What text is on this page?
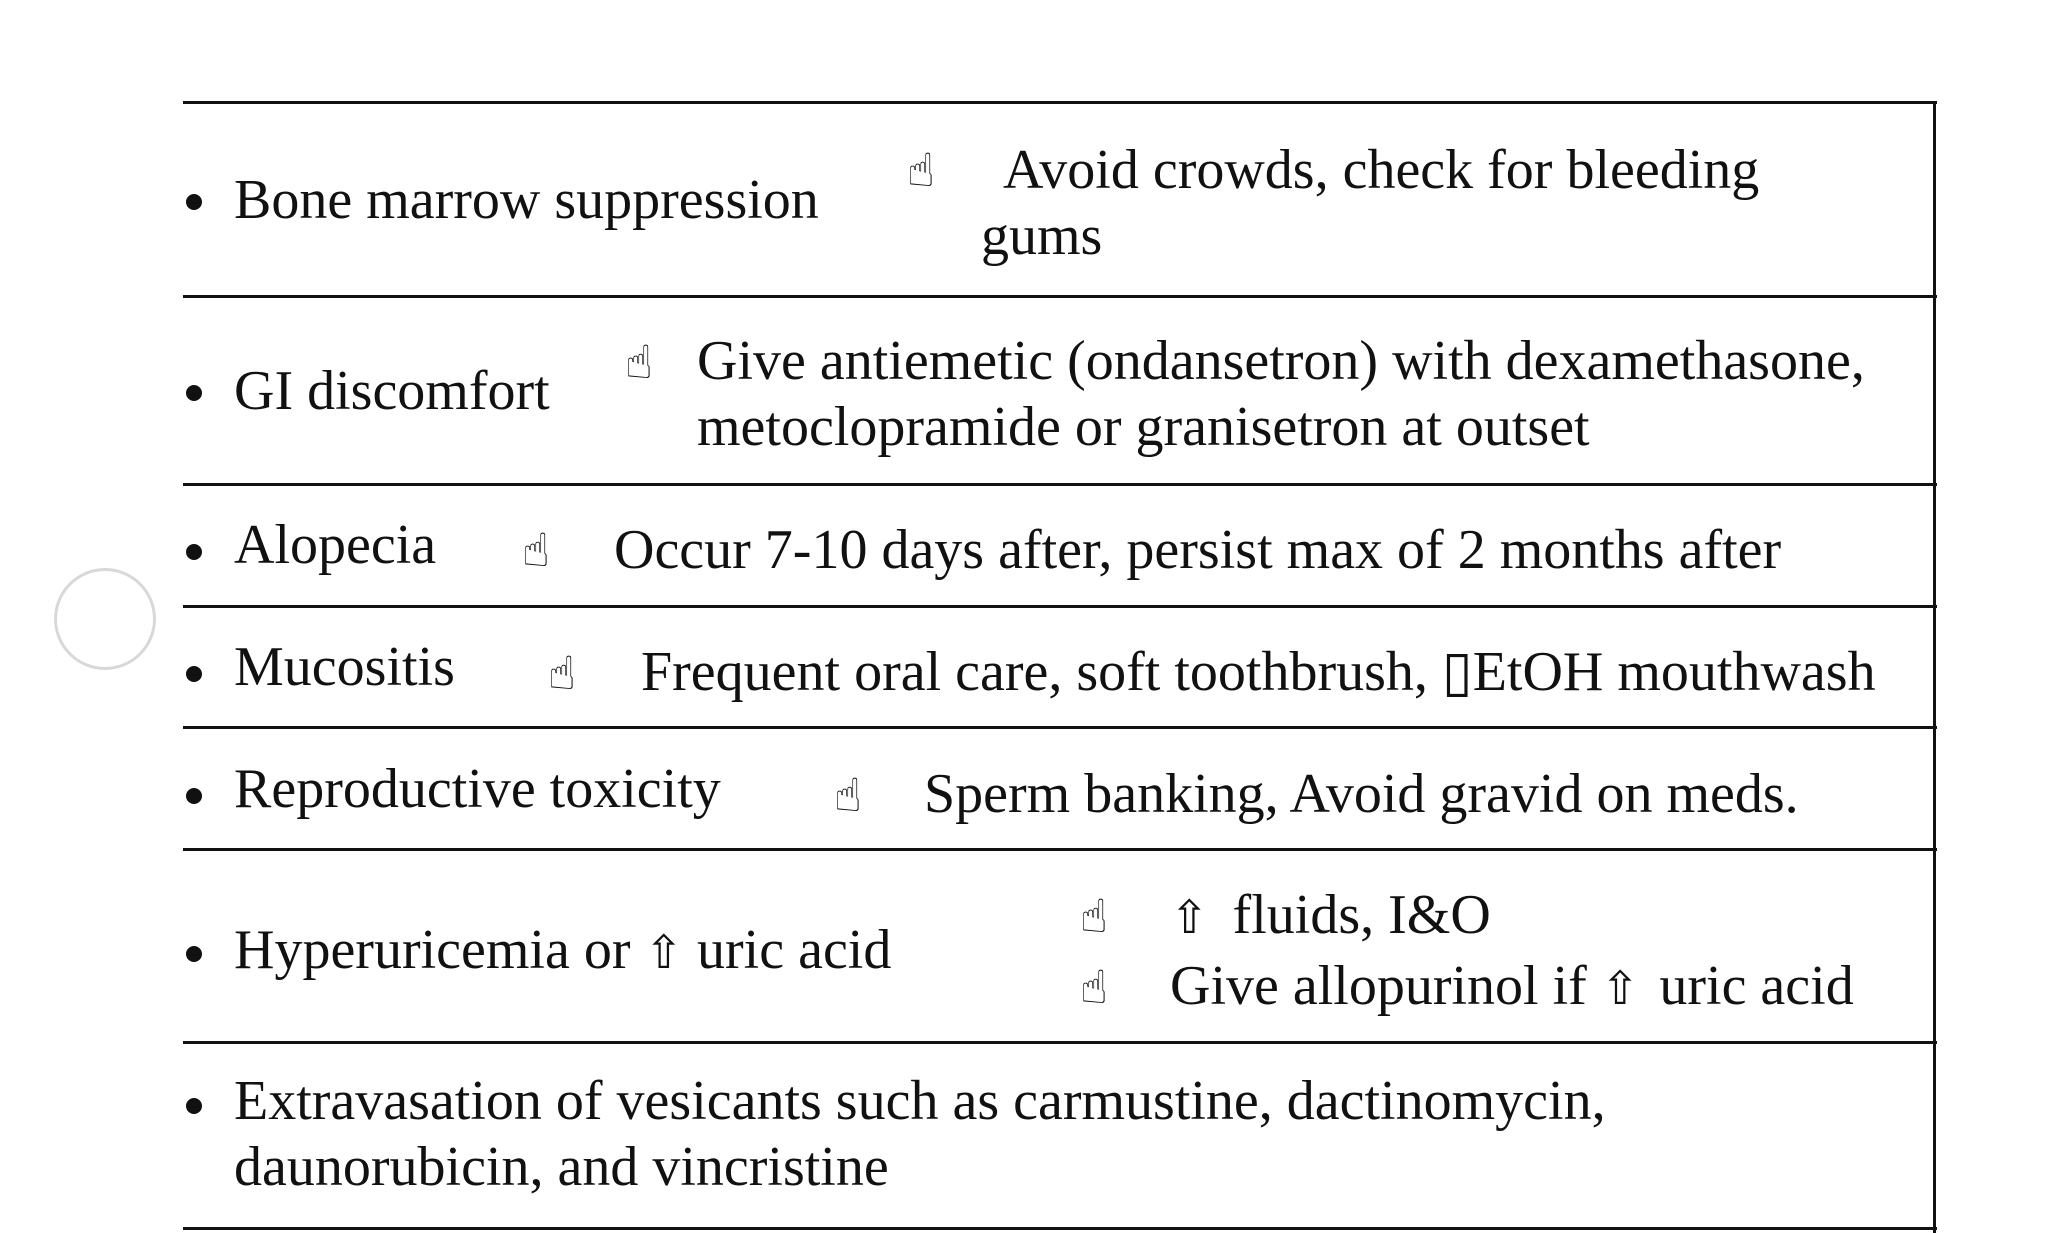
Bone marrow suppression ☝	Avoid crowds, check for bleeding
gums
GI discomfort ☝ Give antiemetic (ondansetron) with dexamethasone,
metoclopramide or granisetron at outset
Alopecia ☝ Occur 7-10 days after, persist max of 2 months after
Mucositis ☝ Frequent oral care, soft toothbrush, ▯EtOH mouthwash
Reproductive toxicity ☝ Sperm banking, Avoid gravid on meds.
Hyperuricemia or ⇧ uric acid
☝ ⇧ fluids, I&O
☝ Give allopurinol if ⇧ uric acid
Extravasation of vesicants such as carmustine, dactinomycin,
daunorubicin, and vincristine
